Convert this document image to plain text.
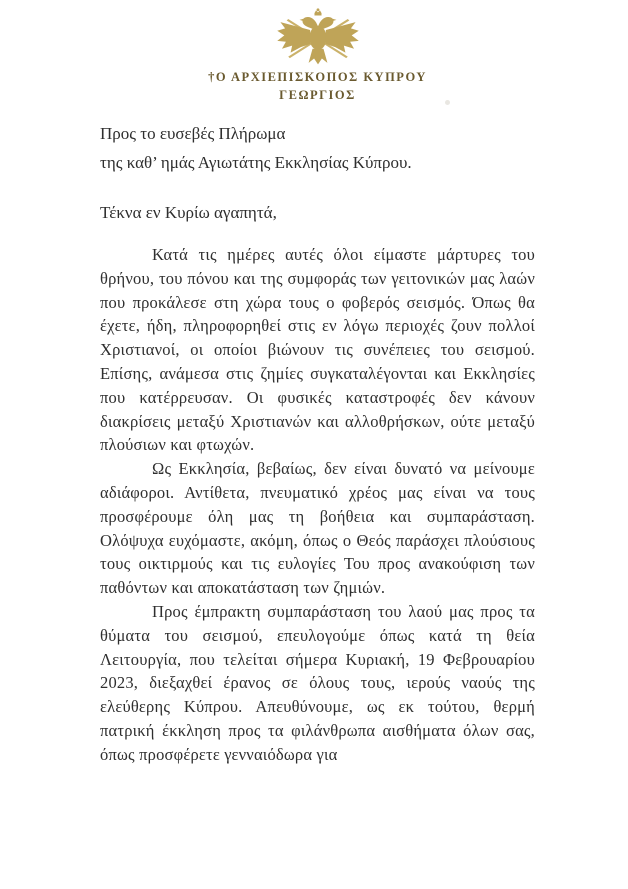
†Ο ΑΡΧΙΕΠΙΣΚΟΠΟΣ ΚΥΠΡΟΥ
ΓΕΩΡΓΙΟΣ
Προς το ευσεβές Πλήρωμα
της καθ’ ημάς Αγιωτάτης Εκκλησίας Κύπρου.
Τέκνα εν Κυρίω αγαπητά,

Κατά τις ημέρες αυτές όλοι είμαστε μάρτυρες του θρήνου, του πόνου και της συμφοράς των γειτονικών μας λαών που προκάλεσε στη χώρα τους ο φοβερός σεισμός. Όπως θα έχετε, ήδη, πληροφορηθεί στις εν λόγω περιοχές ζουν πολλοί Χριστιανοί, οι οποίοι βιώνουν τις συνέπειες του σεισμού. Επίσης, ανάμεσα στις ζημίες συγκαταλέγονται και Εκκλησίες που κατέρρευσαν. Οι φυσικές καταστροφές δεν κάνουν διακρίσεις μεταξύ Χριστιανών και αλλοθρήσκων, ούτε μεταξύ πλούσιων και φτωχών.

Ως Εκκλησία, βεβαίως, δεν είναι δυνατό να μείνουμε αδιάφοροι. Αντίθετα, πνευματικό χρέος μας είναι να τους προσφέρουμε όλη μας τη βοήθεια και συμπαράσταση. Ολόψυχα ευχόμαστε, ακόμη, όπως ο Θεός παράσχει πλούσιους τους οικτιρμούς και τις ευλογίες Του προς ανακούφιση των παθόντων και αποκατάσταση των ζημιών.

Προς έμπρακτη συμπαράσταση του λαού μας προς τα θύματα του σεισμού, επευλογούμε όπως κατά τη θεία Λειτουργία, που τελείται σήμερα Κυριακή, 19 Φεβρουαρίου 2023, διεξαχθεί έρανος σε όλους τους, ιερούς ναούς της ελεύθερης Κύπρου. Απευθύνουμε, ως εκ τούτου, θερμή πατρική έκκληση προς τα φιλάνθρωπα αισθήματα όλων σας, όπως προσφέρετε γενναιόδωρα για
